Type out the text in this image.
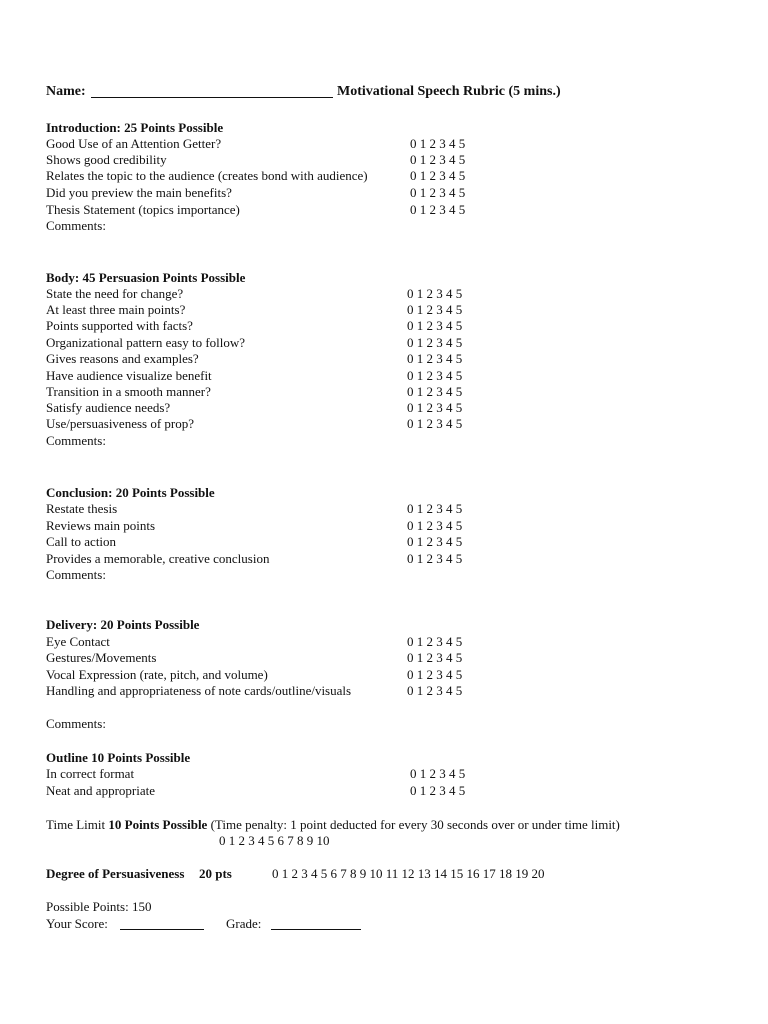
Name:	Motivational Speech Rubric (5 mins.)
Introduction: 25 Points Possible
Good Use of an Attention Getter?	0 1 2 3 4 5
Shows good credibility	0 1 2 3 4 5
Relates the topic to the audience (creates bond with audience)	0 1 2 3 4 5
Did you preview the main benefits?	0 1 2 3 4 5
Thesis Statement (topics importance)	0 1 2 3 4 5
Comments:
Body: 45 Persuasion Points Possible
State the need for change?	0 1 2 3 4 5
At least three main points?	0 1 2 3 4 5
Points supported with facts?	0 1 2 3 4 5
Organizational pattern easy to follow?	0 1 2 3 4 5
Gives reasons and examples?	0 1 2 3 4 5
Have audience visualize benefit	0 1 2 3 4 5
Transition in a smooth manner?	0 1 2 3 4 5
Satisfy audience needs?	0 1 2 3 4 5
Use/persuasiveness of prop?	0 1 2 3 4 5
Comments:
Conclusion: 20 Points Possible
Restate thesis	0 1 2 3 4 5
Reviews main points	0 1 2 3 4 5
Call to action	0 1 2 3 4 5
Provides a memorable, creative conclusion	0 1 2 3 4 5
Comments:
Delivery: 20 Points Possible
Eye Contact	0 1 2 3 4 5
Gestures/Movements	0 1 2 3 4 5
Vocal Expression (rate, pitch, and volume)	0 1 2 3 4 5
Handling and appropriateness of note cards/outline/visuals	0 1 2 3 4 5
Comments:
Outline 10 Points Possible
In correct format	0 1 2 3 4 5
Neat and appropriate	0 1 2 3 4 5
Time Limit 10 Points Possible (Time penalty: 1 point deducted for every 30 seconds over or under time limit)
0 1 2 3 4 5 6 7 8 9 10
Degree of Persuasiveness 20 pts	0 1 2 3 4 5 6 7 8 9 10 11 12 13 14 15 16 17 18 19 20
Possible Points: 150
Your Score:	Grade:
